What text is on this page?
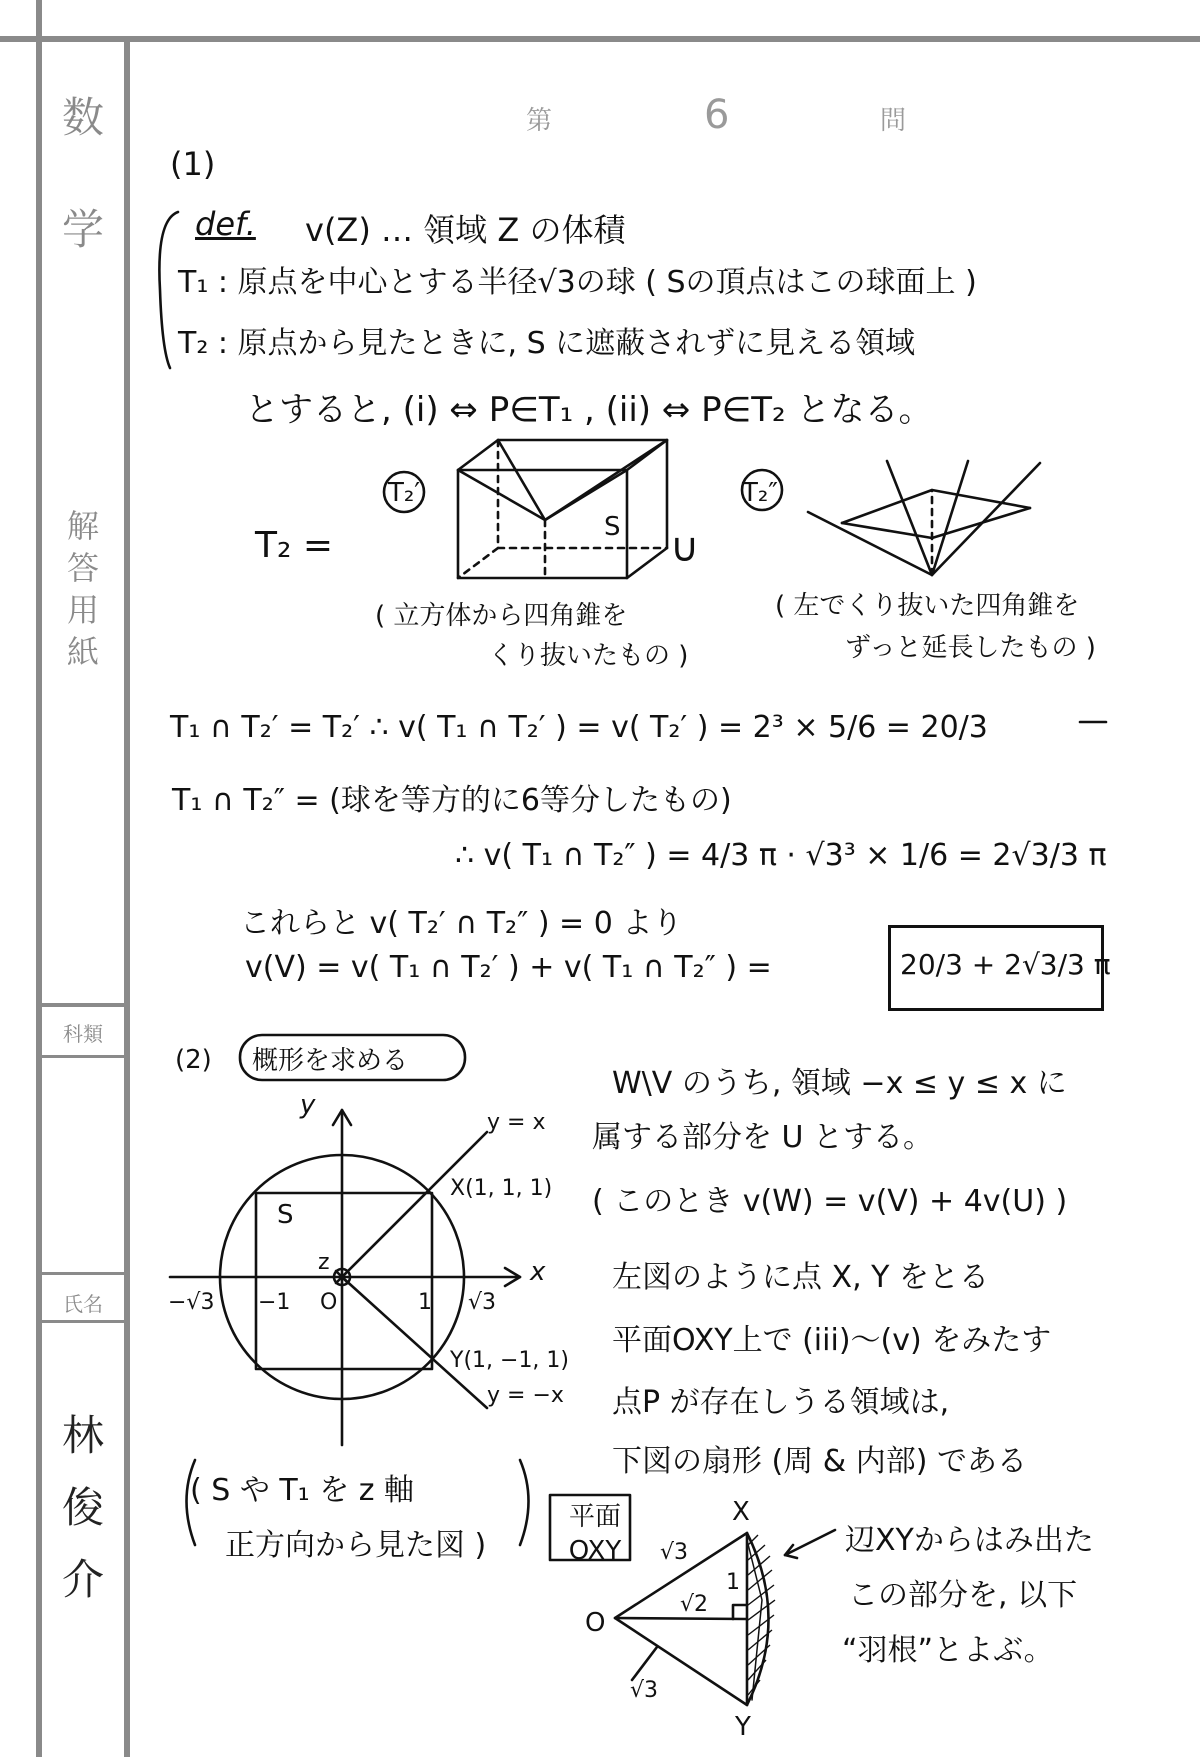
数
学
解
答
用
紙
科類
氏名
林
俊
介
第	6	問
(1)
def. v(Z) … 領域 Z の体積
T₁ : 原点を中心とする半径√3の球 ( Sの頂点はこの球面上 )
T₂ : 原点から見たときに, S に遮蔽されずに見える領域
とすると, (i) ⇔ P∈T₁ , (ii) ⇔ P∈T₂ となる。
T₂ =
T₂′
S ∪
T₂″
( 立方体から四角錐を
くり抜いたもの )
( 左でくり抜いた四角錐を
ずっと延長したもの )
T₁ ∩ T₂′ = T₂′ ∴ v( T₁ ∩ T₂′ ) = v( T₂′ ) = 2³ × 5/6 = 20/3
T₁ ∩ T₂″ = (球を等方的に6等分したもの)
∴ v( T₁ ∩ T₂″ ) = 4/3 π · √3³ × 1/6 = 2√3/3 π
これらと v( T₂′ ∩ T₂″ ) = 0 より
v(V) = v( T₁ ∩ T₂′ ) + v( T₁ ∩ T₂″ ) =	20/3 + 2√3/3 π
(2) 概形を求める
W\V のうち, 領域 −x ≤ y ≤ x に
属する部分を U とする。
( このとき v(W) = v(V) + 4v(U) )
左図のように点 X, Y をとる
平面OXY上で (iii)〜(v) をみたす
点P が存在しうる領域は,
下図の扇形 (周 & 内部) である
y
x
y = x
y = −x
X(1, 1, 1)
Y(1, −1, 1)
S
z
O
−√3 −1	1 √3
( S や T₁ を z 軸
正方向から見た図 )
平面 OXY
X
Y
O
√3
√3
√2
1
辺XYからはみ出た
この部分を, 以下
“羽根”とよぶ。
